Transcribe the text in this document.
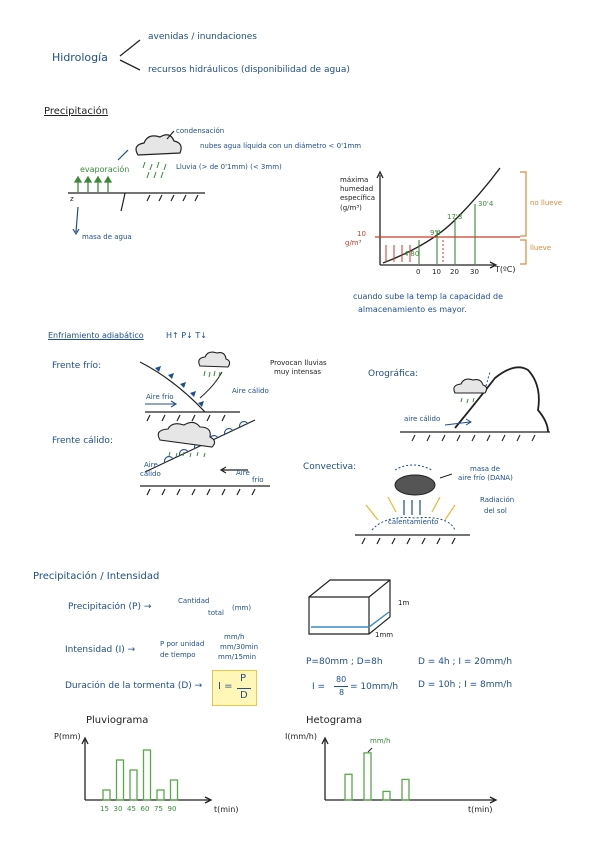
Hidrología
avenidas / inundaciones
recursos hidráulicos (disponibilidad de agua)
Precipitación
condensación
nubes agua líquida con un diámetro < 0'1mm
evaporación	Lluvia (> de 0'1mm) (< 3mm)
z
masa de agua
máxima
humedad
específica
(g/m³)
10
g/m³
4'80
9'4
17'3
30'4
0 10 20 30 T(ºC)
no llueve
llueve
cuando sube la temp la capacidad de
almacenamiento es mayor.
Enfriamiento adiabático	H↑ P↓ T↓
Frente frío:
Aire frío
Aire cálido
Provocan lluvias
muy intensas
Frente cálido:
Aire
cálido	Aire
frío
Orográfica:
aire cálido
Convectiva:	masa de
aire frío (DANA)
Radiación
del sol
calentamiento
Precipitación / Intensidad
Precipitación (P) →
Cantidad
total
(mm)
Intensidad (I) →
P por unidad
de tiempo
mm/h
mm/30min
mm/15min
Duración de la tormenta (D) → I =
P
D
1m
1mm
P=80mm ; D=8h
I =
80
8
= 10mm/h
D = 4h ; I = 20mm/h
D = 10h ; I = 8mm/h
Pluviograma
P(mm)
t(min)
15 30 45 60 75 90
Hetograma
I(mm/h)
t(min)
mm/h
